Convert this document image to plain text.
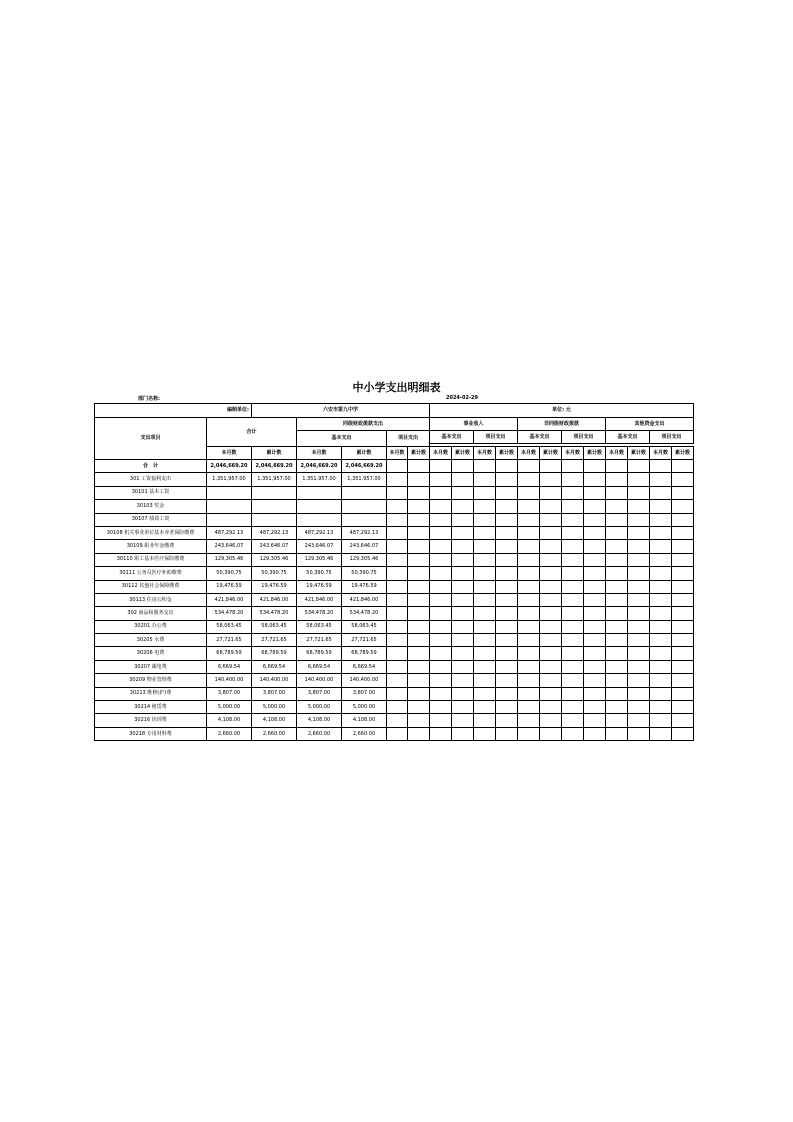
中小学支出明细表
部门名称:	2024-02-29
编制单位:		六安市第九中学					单位: 元											
支出项目	合计		同级财政拨款支出				事业收入				非同级财政拨款				其他资金支出			
			基本支出		项目支出		基本支出		项目支出		基本支出		项目支出		基本支出		项目支出	

	本月数	累计数	本月数	累计数	本月数	累计数	本月数	累计数	本月数	累计数	本月数	累计数	本月数	累计数	本月数	累计数	本月数	累计数
合　计	2,046,669.20	2,046,669.20	2,046,669.20	2,046,669.20														
301 工资福利支出	1,351,957.00	1,351,957.00	1,351,957.00	1,351,957.00														
30101 基本工资																		
30103 奖金																		
30107 绩效工资																		
30108 机关事业单位基本养老保险缴费	487,292.13	487,292.13	487,292.13	487,292.13														
30109 职业年金缴费	243,646.07	243,646.07	243,646.07	243,646.07														
30110 职工基本医疗保险缴费	129,305.46	129,305.46	129,305.46	129,305.46														
30111 公务员医疗补助缴费	50,390.75	50,390.75	50,390.75	50,390.75														
30112 其他社会保障缴费	19,476.59	19,476.59	19,476.59	19,476.59														
30113 住房公积金	421,846.00	421,846.00	421,846.00	421,846.00														
302 商品和服务支出	534,478.20	534,478.20	534,478.20	534,478.20														
30201 办公费	58,063.45	58,063.45	58,063.45	58,063.45														
30205 水费	27,721.65	27,721.65	27,721.65	27,721.65														
30206 电费	68,789.59	68,789.59	68,789.59	68,789.59														
30207 邮电费	6,669.54	6,669.54	6,669.54	6,669.54														
30209 物业管理费	140,400.00	140,400.00	140,400.00	140,400.00														
30213 维修(护)费	3,807.00	3,807.00	3,807.00	3,807.00														
30214 租赁费	5,000.00	5,000.00	5,000.00	5,000.00														
30216 培训费	4,108.00	4,108.00	4,108.00	4,108.00														
30218 专用材料费	2,660.00	2,660.00	2,660.00	2,660.00														
